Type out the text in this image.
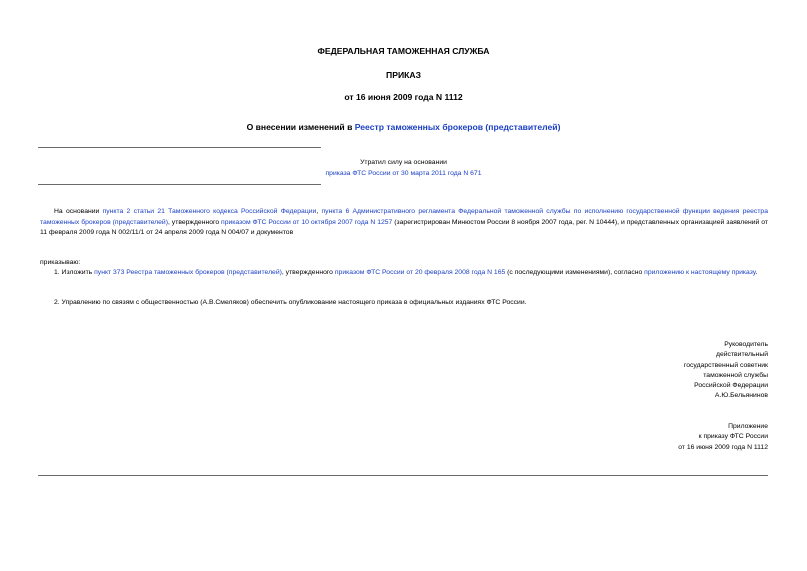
ФЕДЕРАЛЬНАЯ ТАМОЖЕННАЯ СЛУЖБА
ПРИКАЗ
от 16 июня 2009 года N 1112
О внесении изменений в Реестр таможенных брокеров (представителей)
Утратил силу на основании
приказа ФТС России от 30 марта 2011 года N 671
На основании пункта 2 статьи 21 Таможенного кодекса Российской Федерации, пункта 6 Административного регламента Федеральной таможенной службы по исполнению государственной функции ведения реестра таможенных брокеров (представителей), утвержденного приказом ФТС России от 10 октября 2007 года N 1257 (зарегистрирован Минюстом России 8 ноября 2007 года, рег. N 10444), и представленных организацией заявлений от 11 февраля 2009 года N 002/11/1 от 24 апреля 2009 года N 004/07 и документов
приказываю:
1. Изложить пункт 373 Реестра таможенных брокеров (представителей), утвержденного приказом ФТС России от 20 февраля 2008 года N 165 (с последующими изменениями), согласно приложению к настоящему приказу.
2. Управлению по связям с общественностью (А.В.Смеляков) обеспечить опубликование настоящего приказа в официальных изданиях ФТС России.
Руководитель
действительный
государственный советник
таможенной службы
Российской Федерации
А.Ю.Бельянинов
Приложение
к приказу ФТС России
от 16 июня 2009 года N 1112
